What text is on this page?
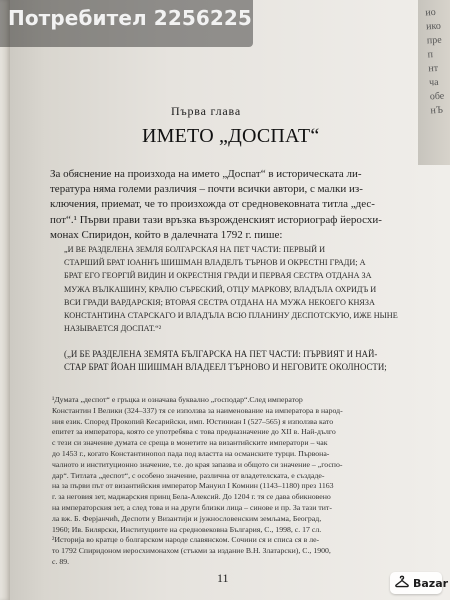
ио
ико
пре
п
нт
ча
обе
нЪ

Потребител 2256225

Първа глава
ИМЕТО „ДОСПАТ“
За обяснение на произхода на името „Доспат“ в историческата ли-
тература няма големи различия – почти всички автори, с малки из-
ключения, приемат, че то произхожда от средновековната титла „дес-
пот“.¹ Първи прави тази връзка възрожденският историограф йеросхи-
монах Спиридон, който в далечната 1792 г. пише:
„И ВЕ РАЗДЕЛЕНА ЗЕМЛЯ БОЛГАРСКАЯ НА ПЕТ ЧАСТИ: ПЕРВЫЙ И
СТАРШИЙ БРАТ ІОАННЪ ШИШМАН ВЛАДЕЛЪ ТЪРНОВ И ОКРЕСТНІ ГРАДИ; А
БРАТ ЕГО ГЕОРГІЙ ВИДИН И ОКРЕСТНІЯ ГРАДИ И ПЕРВАЯ СЕСТРА ОТДАНА ЗА
МУЖА ВЪЛКАШИНУ, КРАЛЮ СЪРБСКИЙ, ОТЦУ МАРКОВУ, ВЛАДЪЛА ОХРИДЪ И
ВСИ ГРАДИ ВАРДАРСКІЯ; ВТОРАЯ СЕСТРА ОТДАНА НА МУЖА НЕКОЕГО КНЯЗА
КОНСТАНТИНА СТАРСКАГО И ВЛАДЪЛА ВСЮ ПЛАНИНУ ДЕСПОТСКУЮ, ИЖЕ НЫНЕ
НАЗЫВАЕТСЯ ДОСПАТ.“²
(„И БЕ РАЗДЕЛЕНА ЗЕМЯТА БЪЛГАРСКА НА ПЕТ ЧАСТИ: ПЪРВИЯТ И НАЙ-
СТАР БРАТ ЙОАН ШИШМАН ВЛАДЕЕЛ ТЪРНОВО И НЕГОВИТЕ ОКОЛНОСТИ;
¹Думата „деспот“ е гръцка и означава буквално „господар“.След император
Константин I Велики (324–337) тя се използва за наименование на императора в народ-
ния език. Според Прокопий Кесарийски, имп. Юстиниан I (527–565) я използва като
епитет за императора, която се употребява с това предназначение до XII в. Най-дълго
с тези си значение думата се среща в монетите на византийските императори – чак
до 1453 г., когато Константинопол пада под властта на османските турци. Първона-
чалното и институционно значение, т.е. до края запазва и общото си значение – „госпо-
дар“. Титлата „деспот“, с особено значение, различна от владетелската, е създаде-
на за първи път от византийския император Мануил I Комнин (1143–1180) през 1163
г. за неговия зет, маджарския принц Бела-Алексий. До 1204 г. тя се дава обикновено
на императорския зет, а след това и на други близки лица – синове и пр. За тази тит-
ла вж. Б. Ферјанчић, Деспоти у Византији и јужнословенским земљама, Београд,
1960; Ив. Билярски, Институциите на средновековна България, С., 1998, с. 17 сл.
²Историја во кратце о болгарском народе славянском. Сочини ся и списа ся в ле-
то 1792 Спиридоном иеросхимонахом (стъкми за издание В.Н. Златарски), С., 1900,
с. 89.

11	Bazar
